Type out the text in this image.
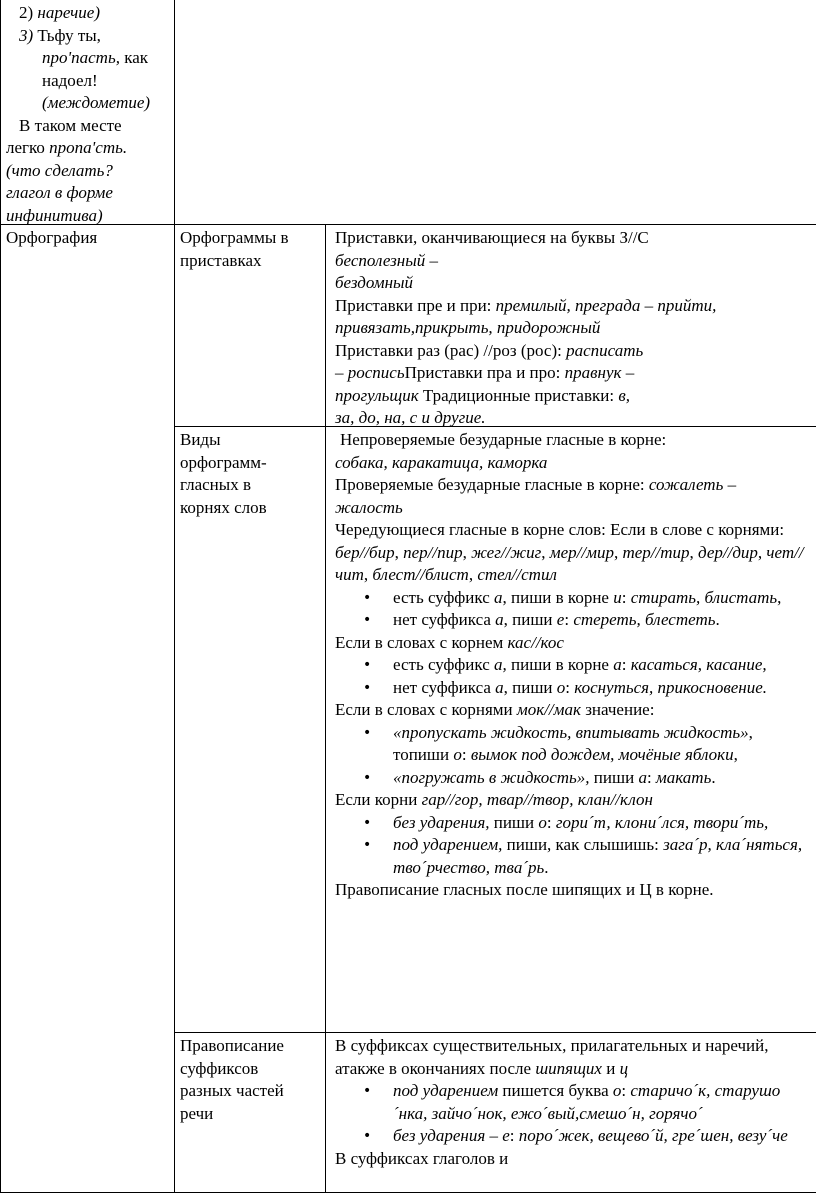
2) наречие)

3) Тьфу ты,

про'пасть, как

надоел!

(междометие)

В таком месте

легко пропа'сть.

(что сделать?

глагол в форме

инфинитива)

Орфография	Орфограммы в приставках

Приставки, оканчивающиеся на буквы З//С

бесполезный –

бездомный

Приставки пре и при: премилый, преграда – прийти, привязать,прикрыть, придорожный

Приставки раз (рас) //роз (рос): расписать

– росписьПриставки пра и про: правнук –

прогульщик Традиционные приставки: в,

за, до, на, с и другие.

Виды орфограмм-гласных в корнях слов

Непроверяемые безударные гласные в корне:

собака, каракатица, каморка

Проверяемые безударные гласные в корне: сожалеть –

жалость

Чередующиеся гласные в корне слов: Если в слове с корнями: бер//бир, пер//пир, жег//жиг, мер//мир, тер//тир, дер//дир, чет// чит, блест//блист, стел//стил

• есть суффикс а, пиши в корне и: стирать, блистать,
• нет суффикса а, пиши е: стереть, блестеть.

Если в словах с корнем кас//кос

• есть суффикс а, пиши в корне а: касаться, касание,
• нет суффикса а, пиши о: коснуться, прикосновение.

Если в словах с корнями мок//мак значение:

• «пропускать жидкость, впитывать жидкость», топиши о: вымок под дождем, мочёные яблоки,
• «погружать в жидкость», пиши а: макать.

Если корни гар//гор, твар//твор, клан//клон

• без ударения, пиши о: гори´т, клони´лся, твори´ть,
• под ударением, пиши, как слышишь: зага´р, кла´няться, тво´рчество, тва´рь.

Правописание гласных после шипящих и Ц в корне.

Правописание суффиксов разных частей речи

В суффиксах существительных, прилагательных и наречий, атакже в окончаниях после шипящих и ц

• под ударением пишется буква о: старичо´к, старушо´нка, зайчо´нок, ежо´вый,смешо´н, горячо´
• без ударения – е: поро´жек, вещево´й, гре´шен, везу´че

В суффиксах глаголов и
